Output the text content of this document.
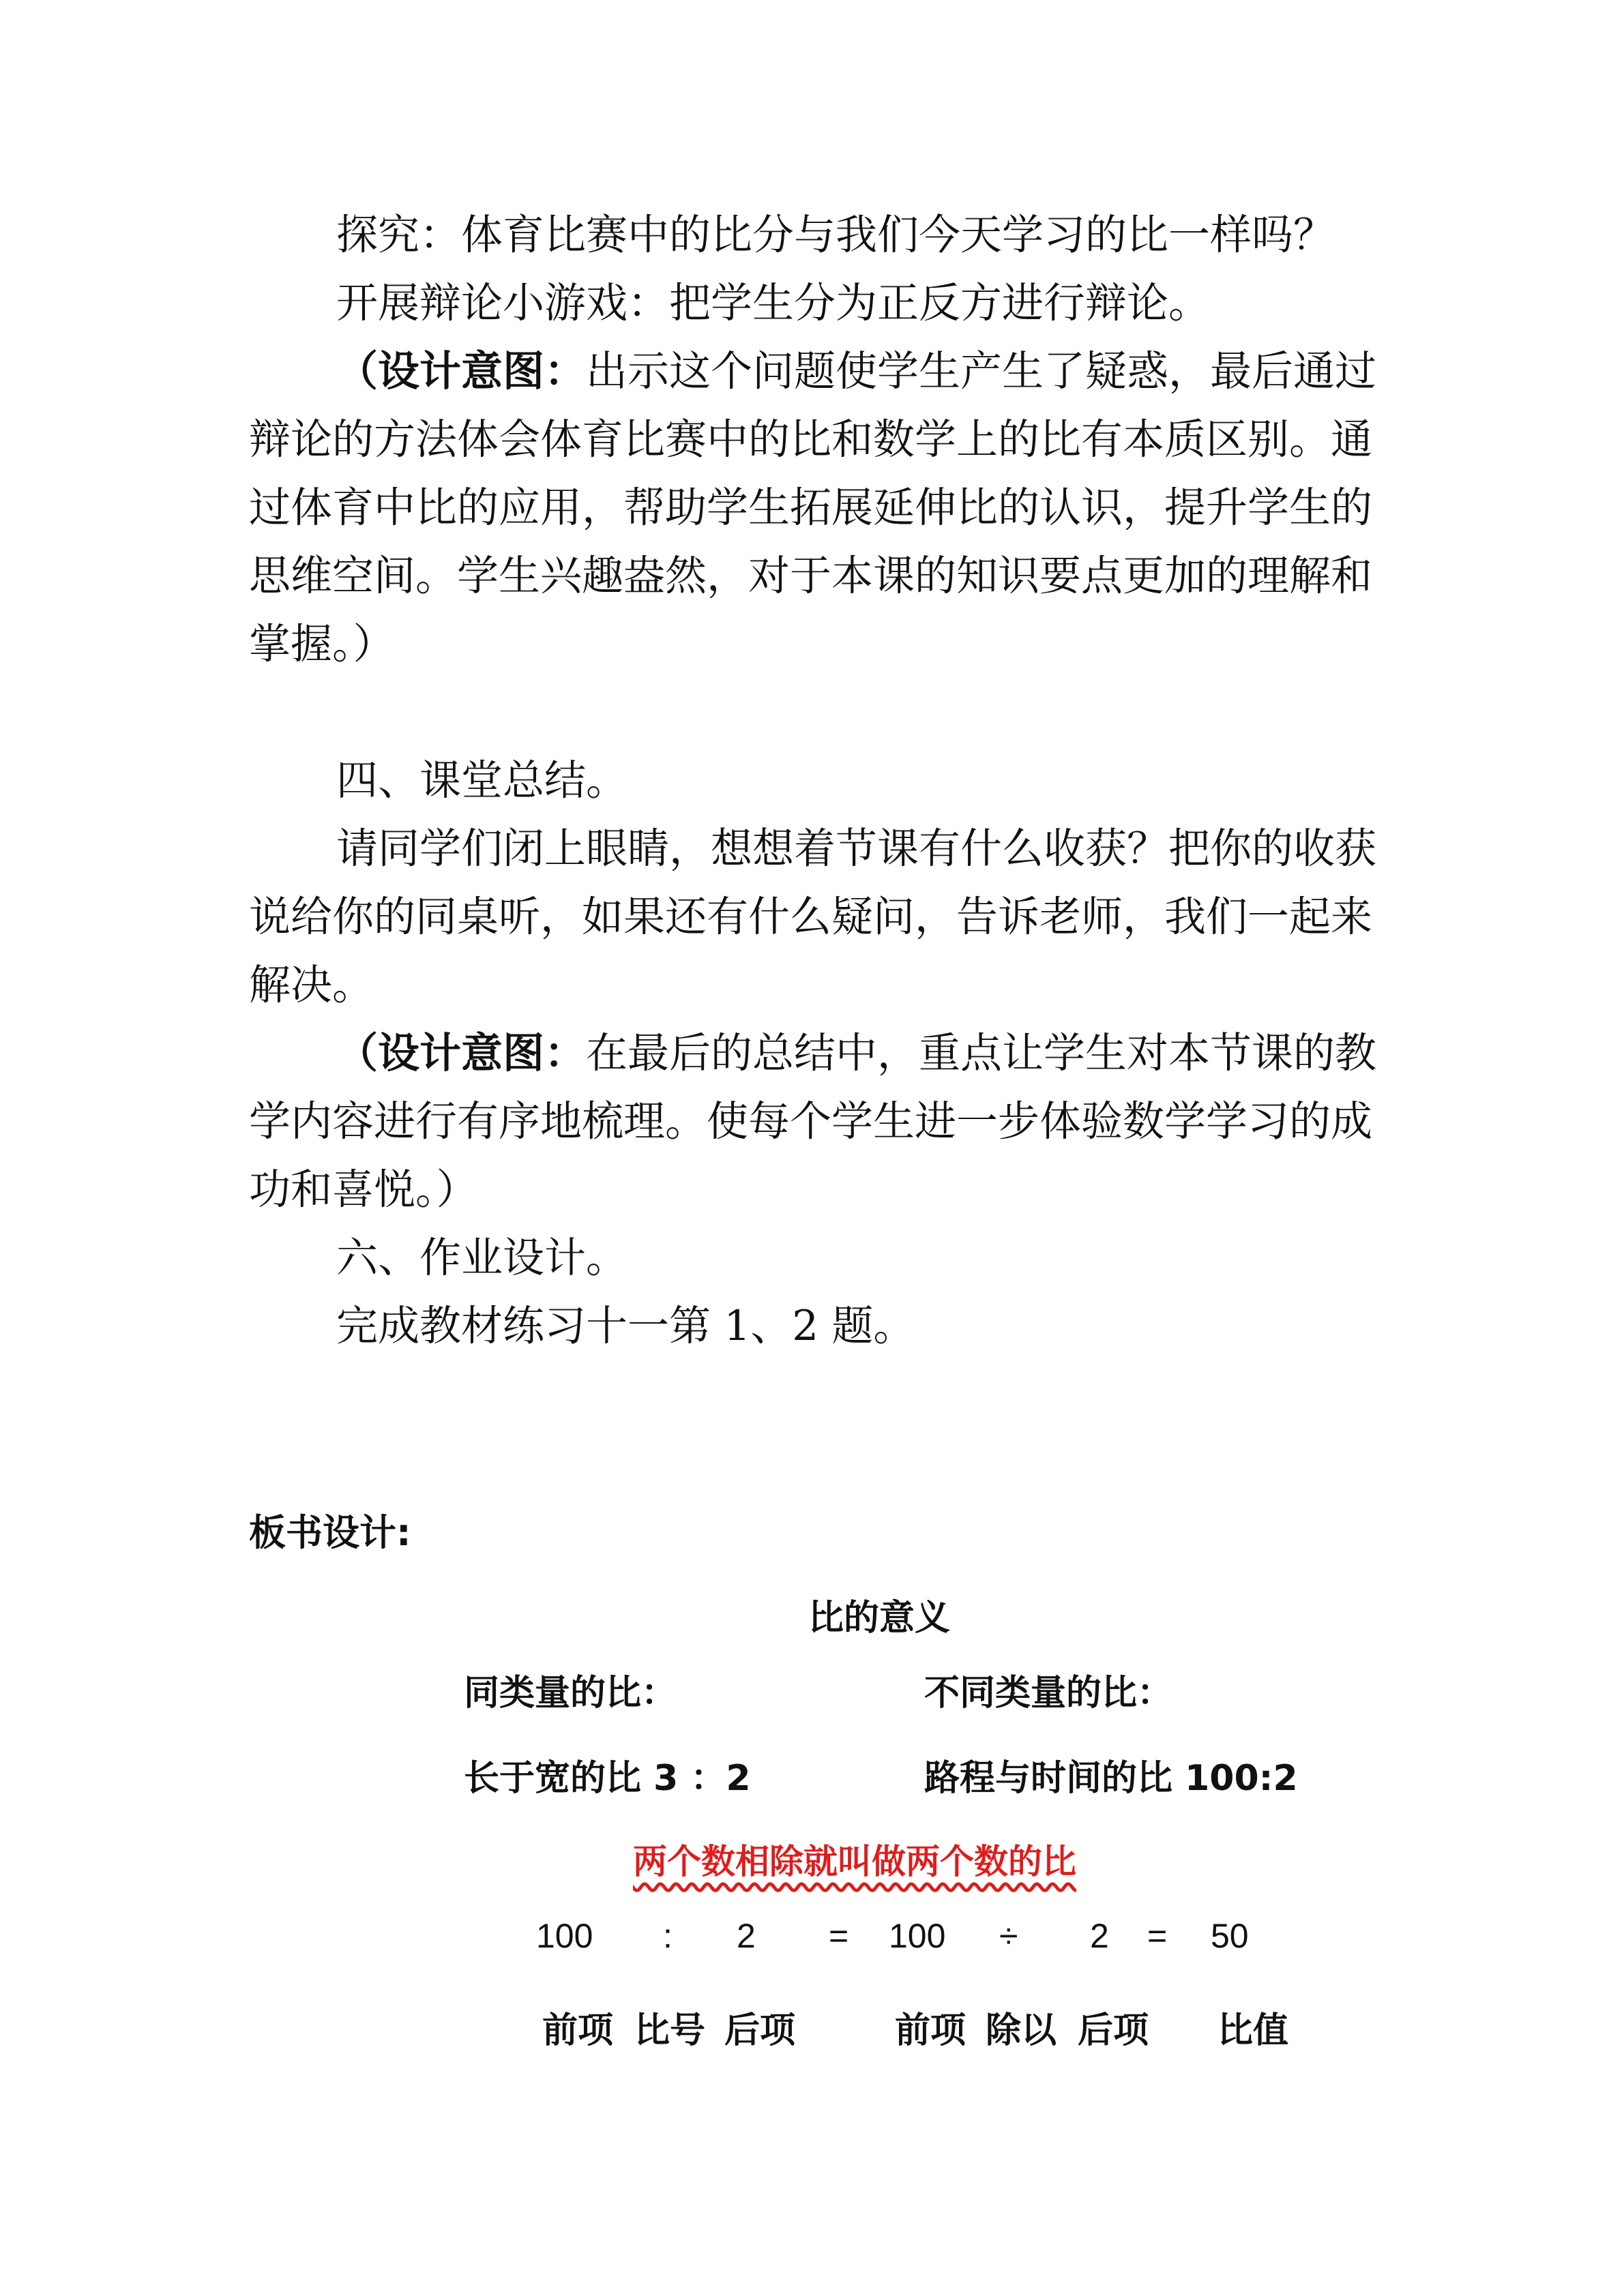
探究：体育比赛中的比分与我们今天学习的比一样吗？

开展辩论小游戏：把学生分为正反方进行辩论。

（设计意图：出示这个问题使学生产生了疑惑，最后通过辩论的方法体会体育比赛中的比和数学上的比有本质区别。通过体育中比的应用，帮助学生拓展延伸比的认识，提升学生的思维空间。学生兴趣盎然，对于本课的知识要点更加的理解和掌握。）

四、课堂总结。

请同学们闭上眼睛，想想着节课有什么收获？把你的收获说给你的同桌听，如果还有什么疑问，告诉老师，我们一起来解决。

（设计意图：在最后的总结中，重点让学生对本节课的教学内容进行有序地梳理。使每个学生进一步体验数学学习的成功和喜悦。）

六、作业设计。

完成教材练习十一第 1、2 题。

板书设计:
比的意义
同类量的比：	不同类量的比：
长于宽的比 3 ：2	路程与时间的比 100:2
两个数相除就叫做两个数的比
100 : 2 = 100 ÷ 2 = 50
前项 比号 后项	前项 除以 后项 比值
